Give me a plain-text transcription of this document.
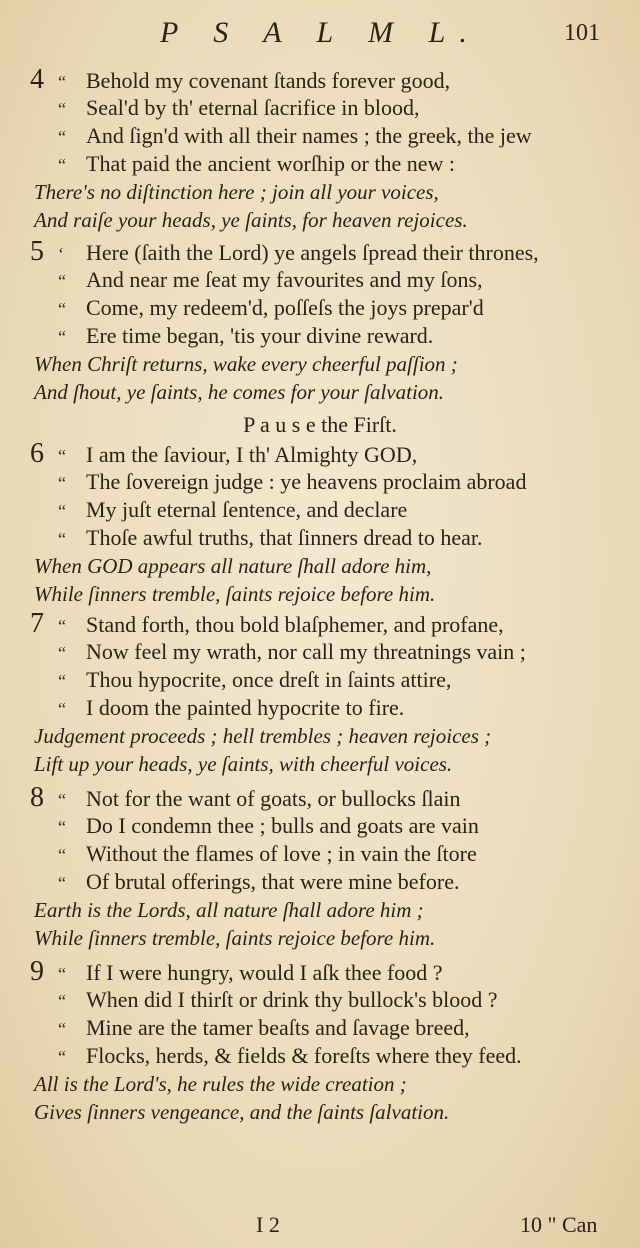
P S A L M L.	101
4 “ Behold my covenant ſtands forever good,
“ Seal'd by th' eternal ſacrifice in blood,
“ And ſign'd with all their names ; the greek, the jew
“ That paid the ancient worſhip or the new :
There's no diſtinction here ; join all your voices,
And raiſe your heads, ye ſaints, for heaven rejoices.
5 ‘ Here (ſaith the Lord) ye angels ſpread their thrones,
“ And near me ſeat my favourites and my ſons,
“ Come, my redeem'd, poſſeſs the joys prepar'd
“ Ere time began, 'tis your divine reward.
When Chriſt returns, wake every cheerful paſſion ;
And ſhout, ye ſaints, he comes for your ſalvation.
P a u s e the Firſt.
6 “ I am the ſaviour, I th' Almighty GOD,
“ The ſovereign judge : ye heavens proclaim abroad
“ My juſt eternal ſentence, and declare
“ Thoſe awful truths, that ſinners dread to hear.
When GOD appears all nature ſhall adore him,
While ſinners tremble, ſaints rejoice before him.
7 “ Stand forth, thou bold blaſphemer, and profane,
“ Now feel my wrath, nor call my threatnings vain ;
“ Thou hypocrite, once dreſt in ſaints attire,
“ I doom the painted hypocrite to fire.
Judgement proceeds ; hell trembles ; heaven rejoices ;
Lift up your heads, ye ſaints, with cheerful voices.
8 “ Not for the want of goats, or bullocks ſlain
“ Do I condemn thee ; bulls and goats are vain
“ Without the flames of love ; in vain the ſtore
“ Of brutal offerings, that were mine before.
Earth is the Lords, all nature ſhall adore him ;
While ſinners tremble, ſaints rejoice before him.
9 “ If I were hungry, would I aſk thee food ?
“ When did I thirſt or drink thy bullock's blood ?
“ Mine are the tamer beaſts and ſavage breed,
“ Flocks, herds, & fields & foreſts where they feed.
All is the Lord's, he rules the wide creation ;
Gives ſinners vengeance, and the ſaints ſalvation.
I 2	10 " Can
